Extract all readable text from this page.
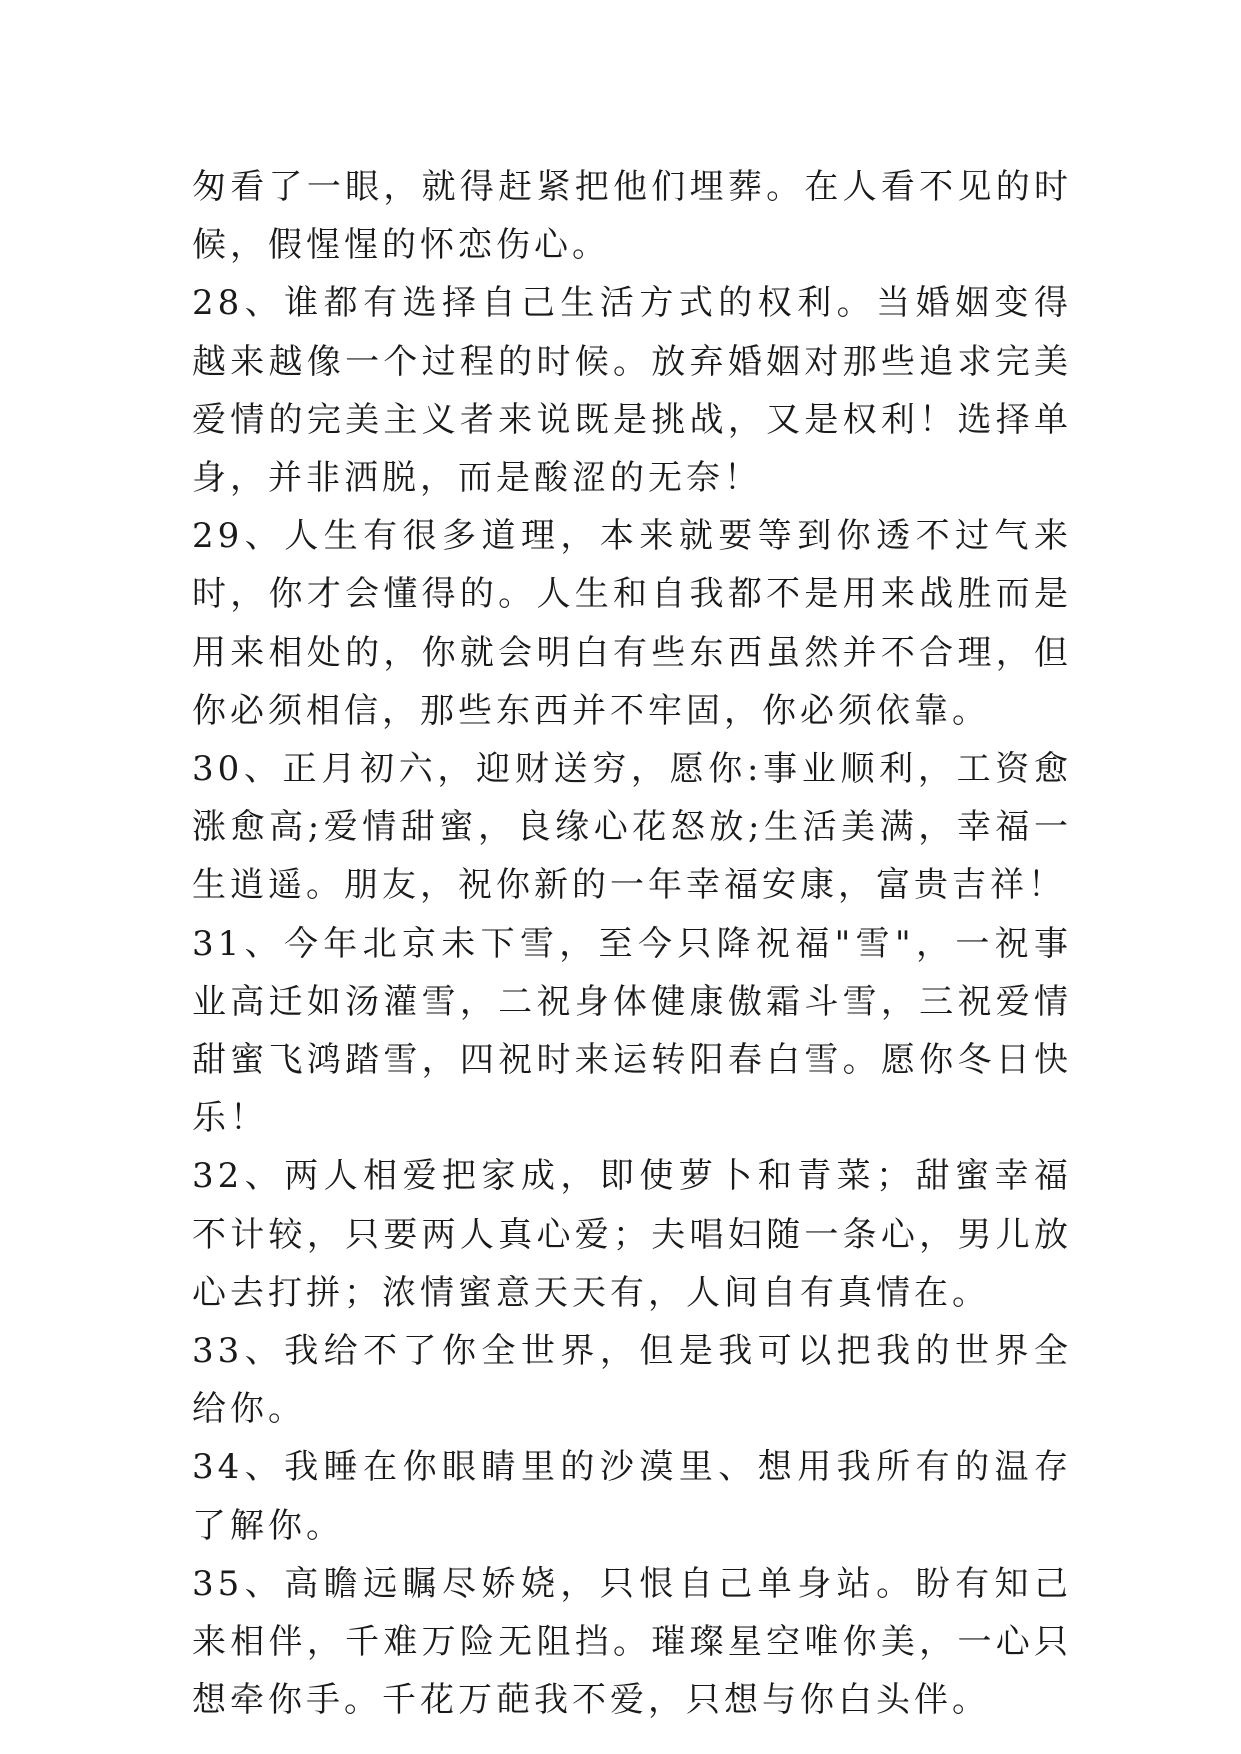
匆看了一眼，就得赶紧把他们埋葬。在人看不见的时候，假惺惺的怀恋伤心。

28、谁都有选择自己生活方式的权利。当婚姻变得越来越像一个过程的时候。放弃婚姻对那些追求完美爱情的完美主义者来说既是挑战，又是权利！选择单身，并非洒脱，而是酸涩的无奈！

29、人生有很多道理，本来就要等到你透不过气来时，你才会懂得的。人生和自我都不是用来战胜而是用来相处的，你就会明白有些东西虽然并不合理，但你必须相信，那些东西并不牢固，你必须依靠。

30、正月初六，迎财送穷，愿你:事业顺利，工资愈涨愈高;爱情甜蜜，良缘心花怒放;生活美满，幸福一生逍遥。朋友，祝你新的一年幸福安康，富贵吉祥！

31、今年北京未下雪，至今只降祝福"雪"，一祝事业高迁如汤灌雪，二祝身体健康傲霜斗雪，三祝爱情甜蜜飞鸿踏雪，四祝时来运转阳春白雪。愿你冬日快乐！

32、两人相爱把家成，即使萝卜和青菜；甜蜜幸福不计较，只要两人真心爱；夫唱妇随一条心，男儿放心去打拼；浓情蜜意天天有，人间自有真情在。

33、我给不了你全世界，但是我可以把我的世界全给你。

34、我睡在你眼睛里的沙漠里、想用我所有的温存了解你。

35、高瞻远瞩尽娇娆，只恨自己单身站。盼有知己来相伴，千难万险无阻挡。璀璨星空唯你美，一心只想牵你手。千花万葩我不爱，只想与你白头伴。
